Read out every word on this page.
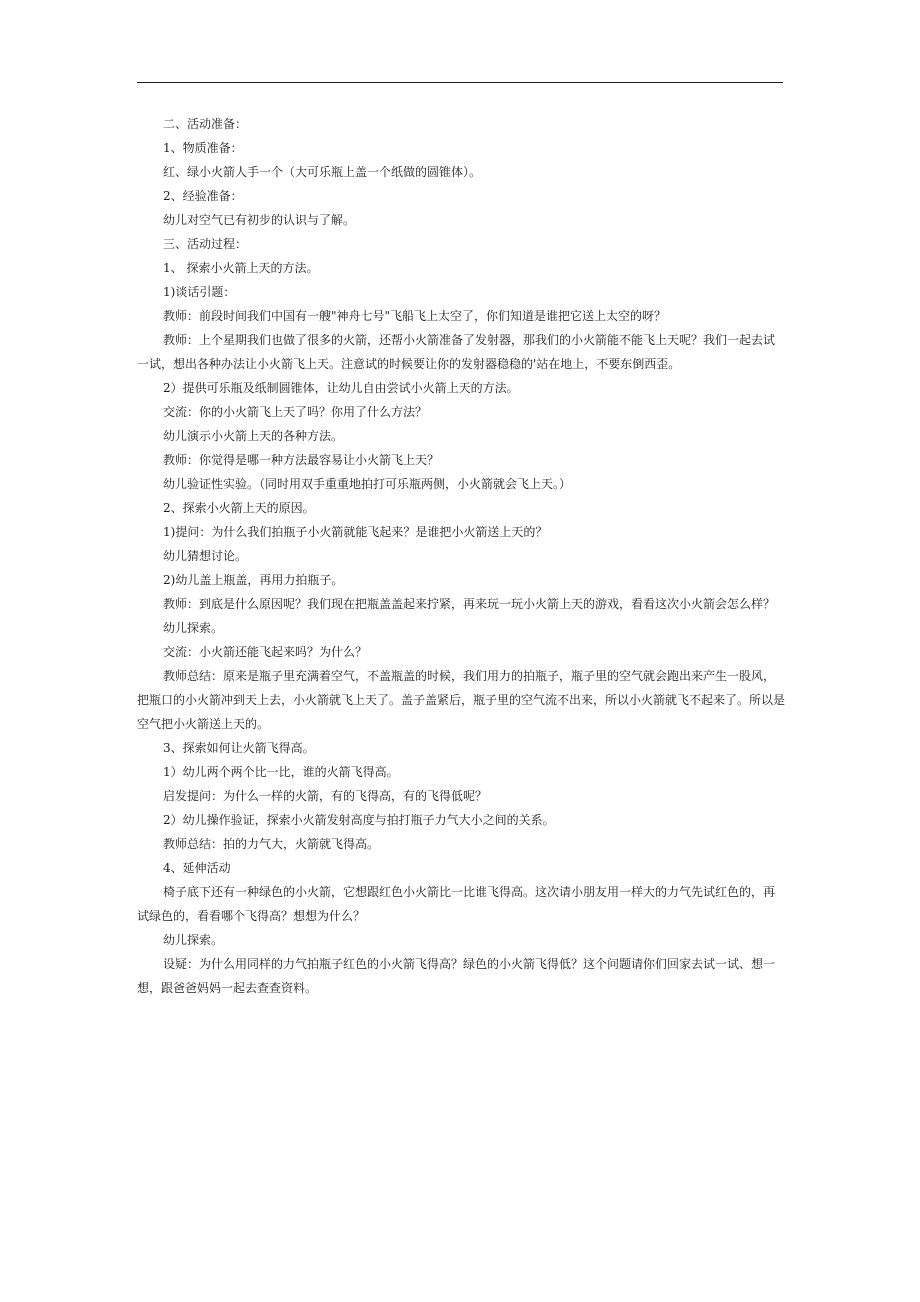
二、活动准备：

1、物质准备：

红、绿小火箭人手一个（大可乐瓶上盖一个纸做的圆锥体）。

2、经验准备：

幼儿对空气已有初步的认识与了解。

三、活动过程：

1、 探索小火箭上天的方法。

1)谈话引题：

教师：前段时间我们中国有一艘"神舟七号"飞船飞上太空了，你们知道是谁把它送上太空的呀？

教师：上个星期我们也做了很多的火箭，还帮小火箭准备了发射器，那我们的小火箭能不能飞上天呢？我们一起去试一试，想出各种办法让小火箭飞上天。注意试的时候要让你的发射器稳稳的'站在地上，不要东倒西歪。

2）提供可乐瓶及纸制圆锥体，让幼儿自由尝试小火箭上天的方法。

交流：你的小火箭飞上天了吗？你用了什么方法？

幼儿演示小火箭上天的各种方法。

教师：你觉得是哪一种方法最容易让小火箭飞上天？

幼儿验证性实验。（同时用双手重重地拍打可乐瓶两侧，小火箭就会飞上天。）

2、探索小火箭上天的原因。

1)提问：为什么我们拍瓶子小火箭就能飞起来？是谁把小火箭送上天的？

幼儿猜想讨论。

2)幼儿盖上瓶盖，再用力拍瓶子。

教师：到底是什么原因呢？我们现在把瓶盖盖起来拧紧，再来玩一玩小火箭上天的游戏，看看这次小火箭会怎么样？

幼儿探索。

交流：小火箭还能飞起来吗？为什么？

教师总结：原来是瓶子里充满着空气，不盖瓶盖的时候，我们用力的拍瓶子，瓶子里的空气就会跑出来产生一股风，把瓶口的小火箭冲到天上去，小火箭就飞上天了。盖子盖紧后，瓶子里的空气流不出来，所以小火箭就飞不起来了。所以是空气把小火箭送上天的。

3、探索如何让火箭飞得高。

1）幼儿两个两个比一比，谁的火箭飞得高。

启发提问：为什么一样的火箭，有的飞得高，有的飞得低呢？

2）幼儿操作验证，探索小火箭发射高度与拍打瓶子力气大小之间的关系。

教师总结：拍的力气大，火箭就飞得高。

4、延伸活动

椅子底下还有一种绿色的小火箭，它想跟红色小火箭比一比谁飞得高。这次请小朋友用一样大的力气先试红色的，再试绿色的，看看哪个飞得高？想想为什么？

幼儿探索。

设疑：为什么用同样的力气拍瓶子红色的小火箭飞得高？绿色的小火箭飞得低？这个问题请你们回家去试一试、想一想，跟爸爸妈妈一起去查查资料。
